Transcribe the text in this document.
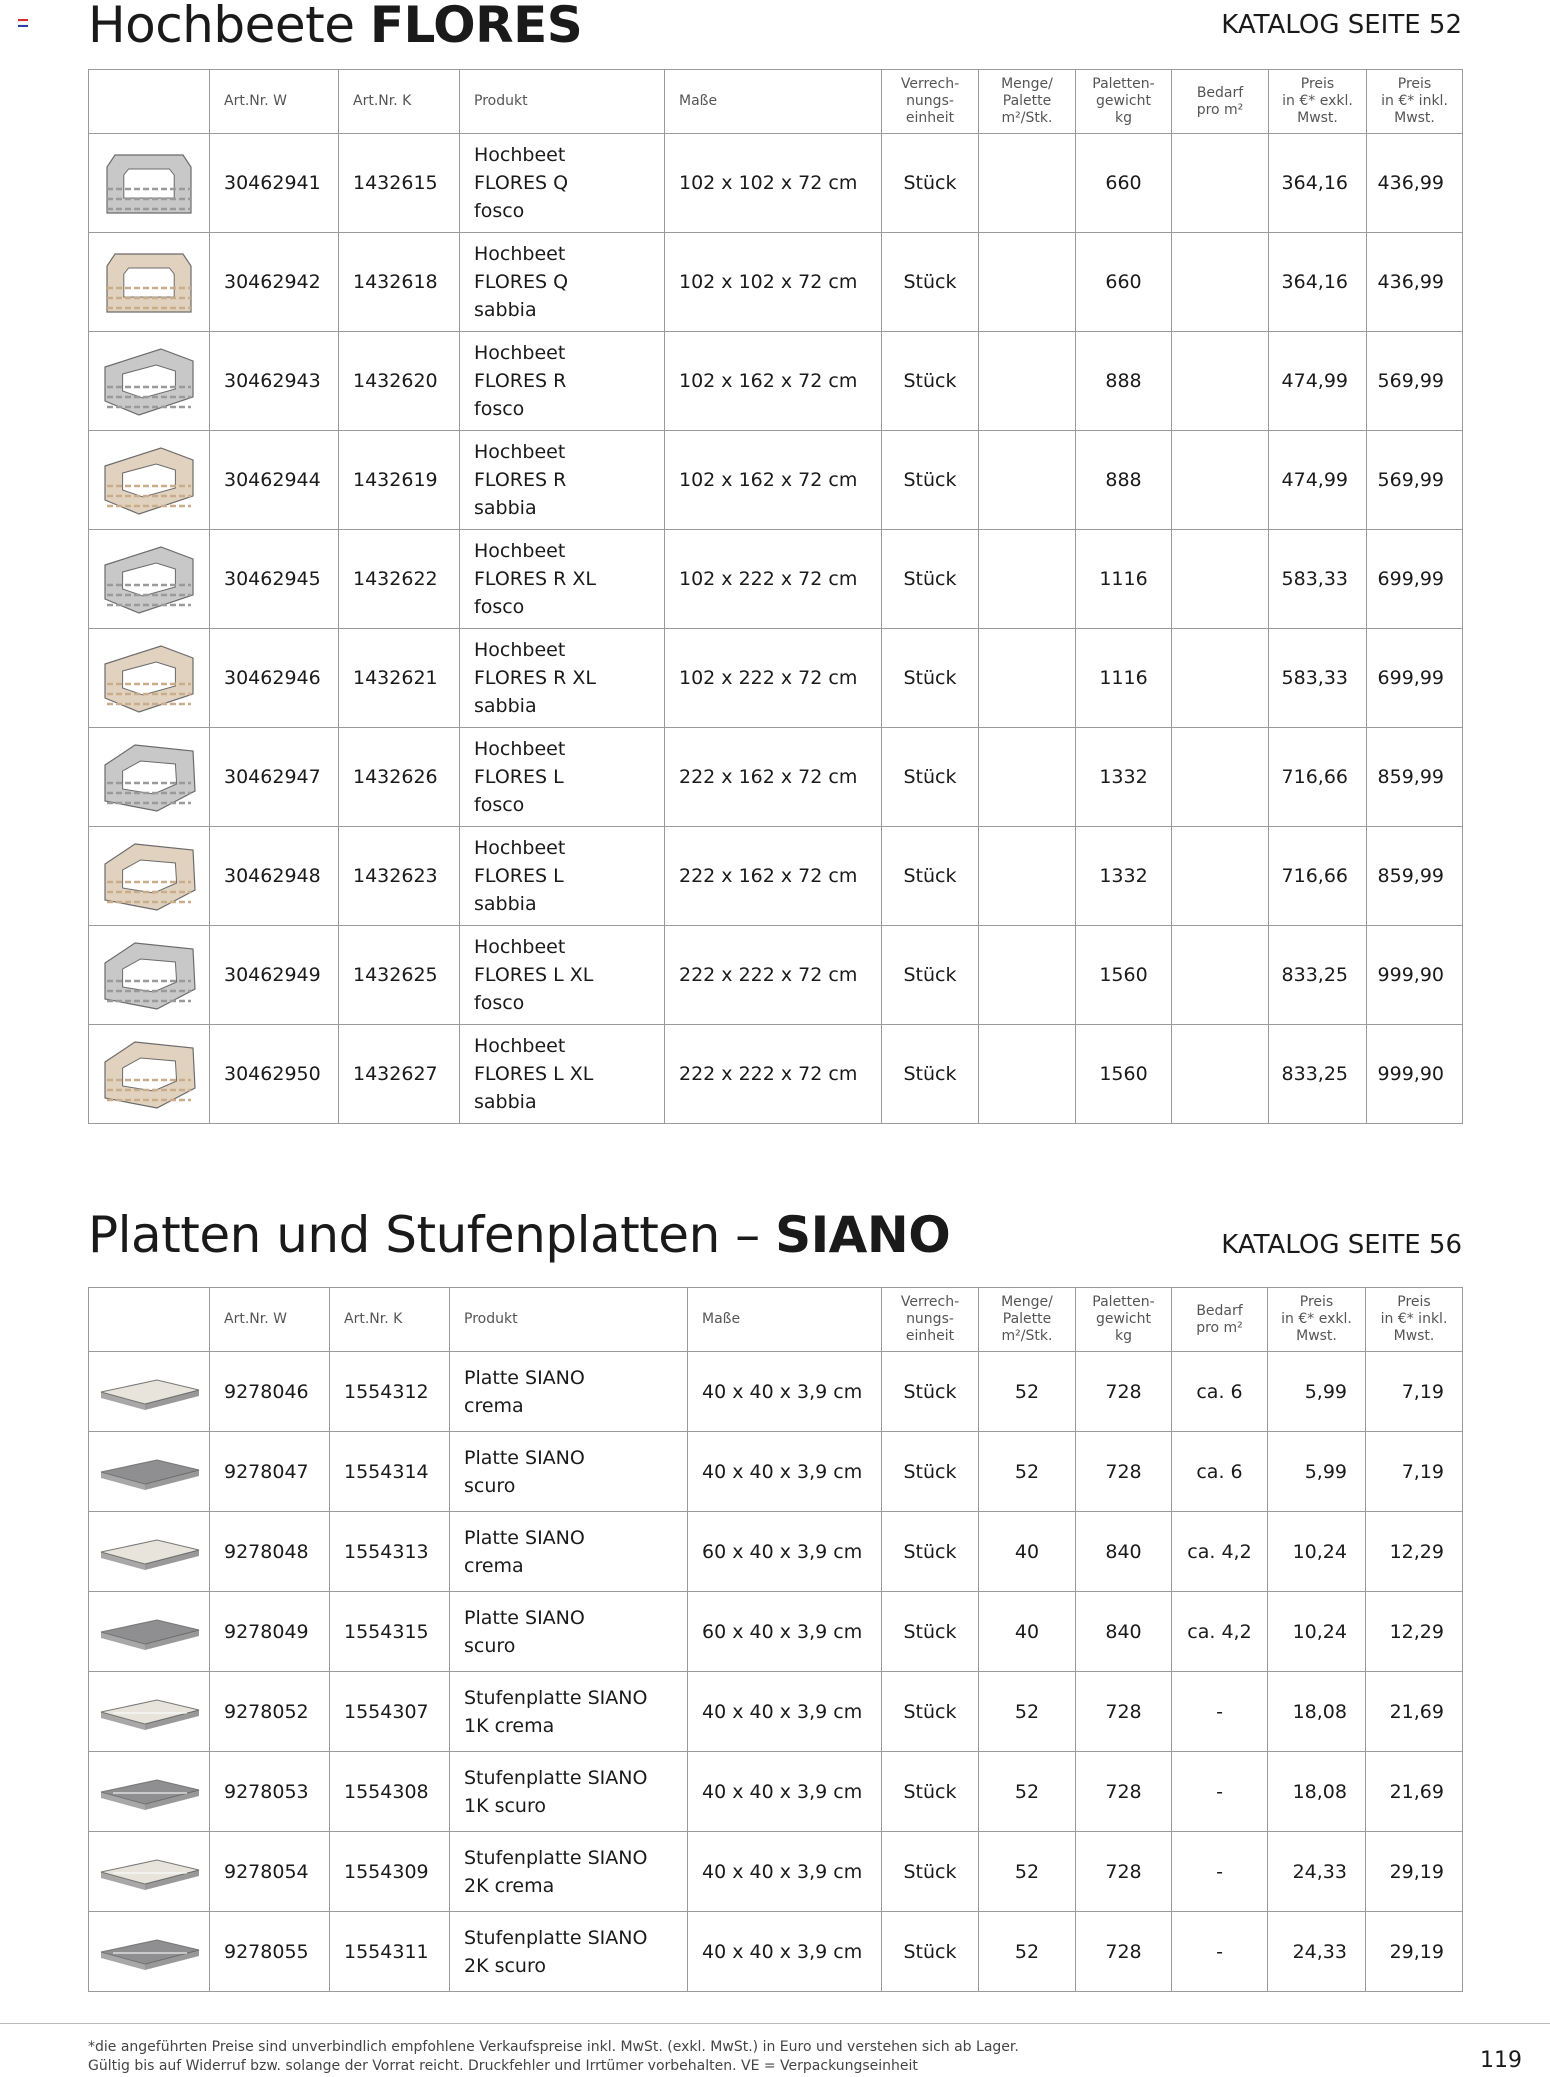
Hochbeete FLORES	KATALOG SEITE 52
	Art.Nr. W	Art.Nr. K	Produkt	Maße	Verrech-
nungs-
einheit	Menge/
Palette
m²/Stk.	Paletten-
gewicht
kg	Bedarf
pro m²	Preis
in €* exkl.
Mwst.	Preis
in €* inkl.
Mwst.

30462941	1432615	Hochbeet
FLORES Q
fosco	102 x 102 x 72 cm	Stück		660		364,16	436,99

30462942	1432618	Hochbeet
FLORES Q
sabbia	102 x 102 x 72 cm	Stück		660		364,16	436,99

30462943	1432620	Hochbeet
FLORES R
fosco	102 x 162 x 72 cm	Stück		888		474,99	569,99

30462944	1432619	Hochbeet
FLORES R
sabbia	102 x 162 x 72 cm	Stück		888		474,99	569,99

30462945	1432622	Hochbeet
FLORES R XL
fosco	102 x 222 x 72 cm	Stück		1116		583,33	699,99

30462946	1432621	Hochbeet
FLORES R XL
sabbia	102 x 222 x 72 cm	Stück		1116		583,33	699,99

30462947	1432626	Hochbeet
FLORES L
fosco	222 x 162 x 72 cm	Stück		1332		716,66	859,99

30462948	1432623	Hochbeet
FLORES L
sabbia	222 x 162 x 72 cm	Stück		1332		716,66	859,99

30462949	1432625	Hochbeet
FLORES L XL
fosco	222 x 222 x 72 cm	Stück		1560		833,25	999,90

30462950	1432627	Hochbeet
FLORES L XL
sabbia	222 x 222 x 72 cm	Stück		1560		833,25	999,90
Platten und Stufenplatten – SIANO	KATALOG SEITE 56
	Art.Nr. W	Art.Nr. K	Produkt	Maße	Verrech-
nungs-
einheit	Menge/
Palette
m²/Stk.	Paletten-
gewicht
kg	Bedarf
pro m²	Preis
in €* exkl.
Mwst.	Preis
in €* inkl.
Mwst.

9278046	1554312	Platte SIANO
crema	40 x 40 x 3,9 cm	Stück	52	728	ca. 6	5,99	7,19

9278047	1554314	Platte SIANO
scuro	40 x 40 x 3,9 cm	Stück	52	728	ca. 6	5,99	7,19

9278048	1554313	Platte SIANO
crema	60 x 40 x 3,9 cm	Stück	40	840	ca. 4,2	10,24	12,29

9278049	1554315	Platte SIANO
scuro	60 x 40 x 3,9 cm	Stück	40	840	ca. 4,2	10,24	12,29

9278052	1554307	Stufenplatte SIANO
1K crema	40 x 40 x 3,9 cm	Stück	52	728	-	18,08	21,69

9278053	1554308	Stufenplatte SIANO
1K scuro	40 x 40 x 3,9 cm	Stück	52	728	-	18,08	21,69

9278054	1554309	Stufenplatte SIANO
2K crema	40 x 40 x 3,9 cm	Stück	52	728	-	24,33	29,19

9278055	1554311	Stufenplatte SIANO
2K scuro	40 x 40 x 3,9 cm	Stück	52	728	-	24,33	29,19
*die angeführten Preise sind unverbindlich empfohlene Verkaufspreise inkl. MwSt. (exkl. MwSt.) in Euro und verstehen sich ab Lager.
Gültig bis auf Widerruf bzw. solange der Vorrat reicht. Druckfehler und Irrtümer vorbehalten. VE = Verpackungseinheit	119
